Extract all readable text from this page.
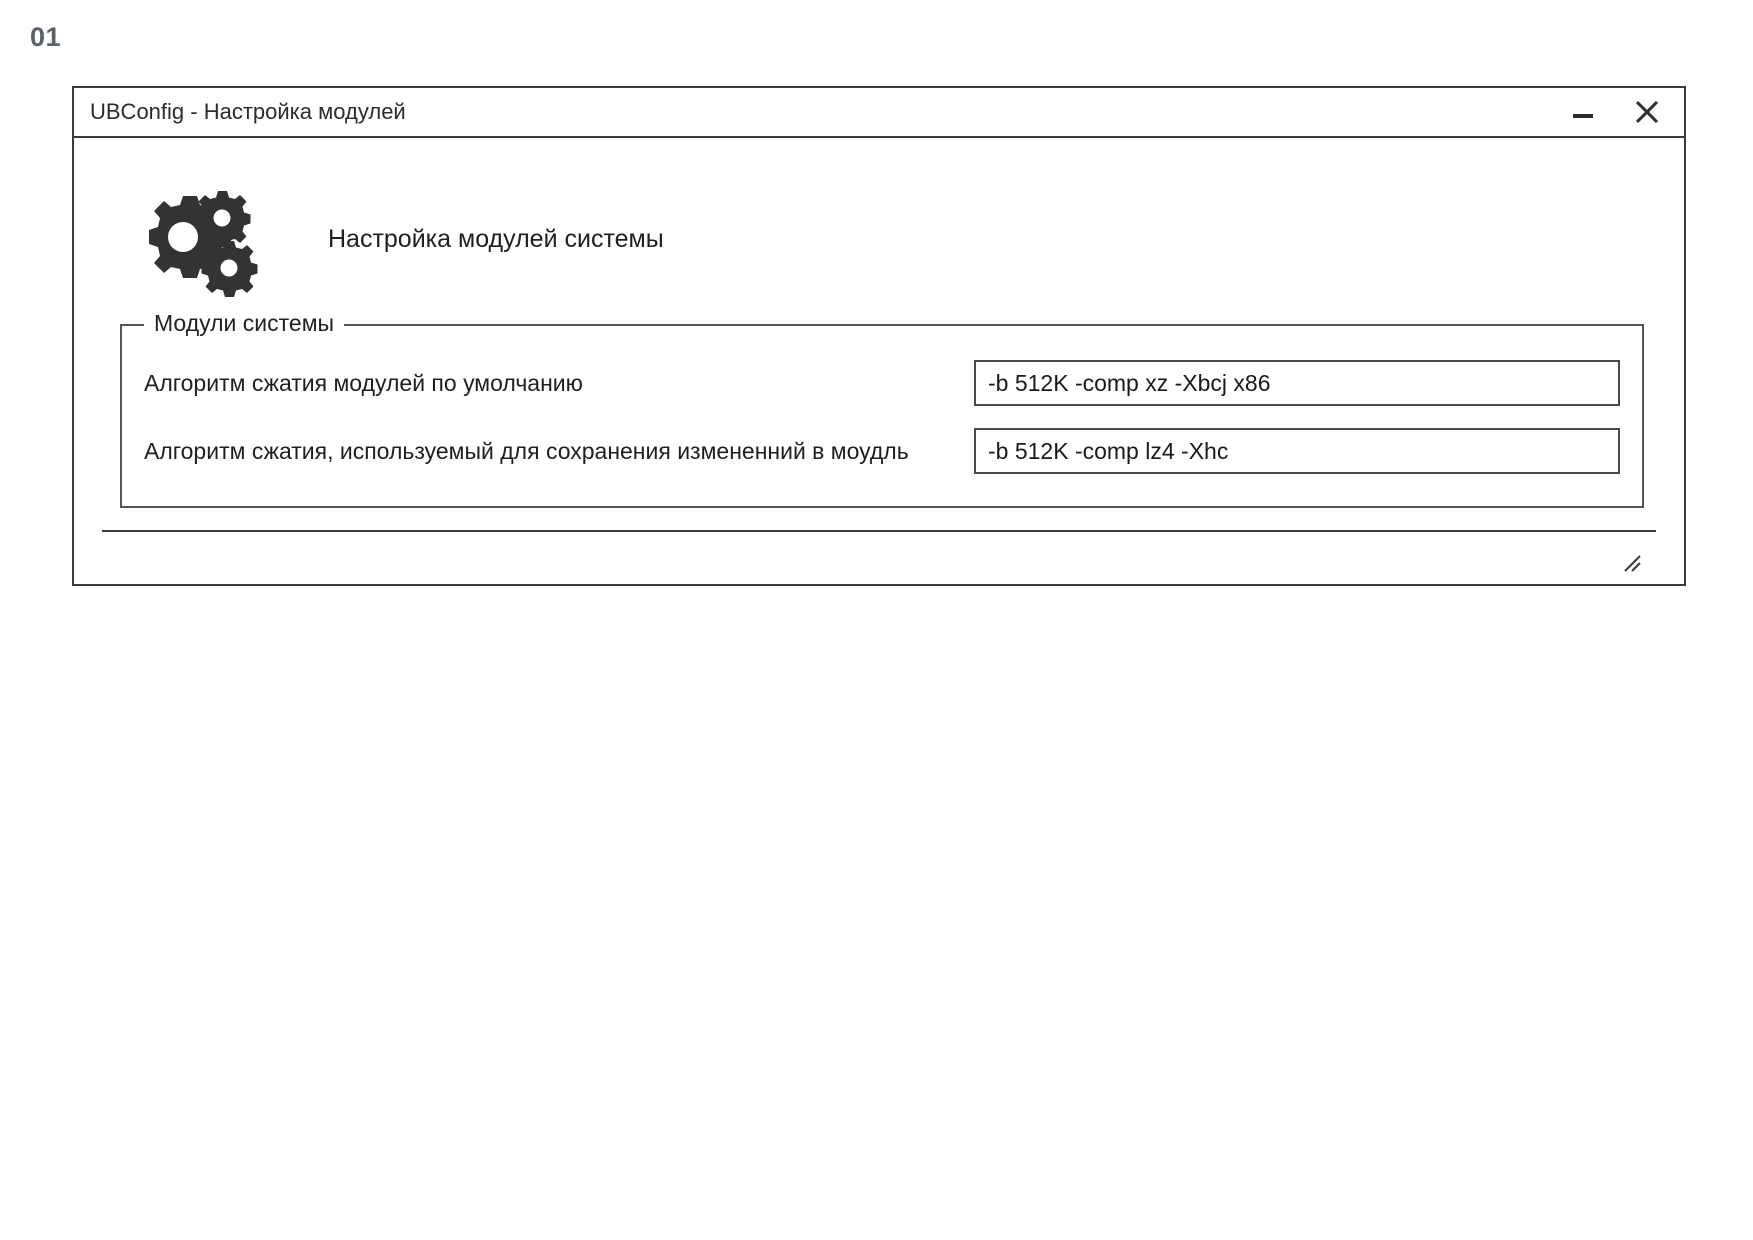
01
UBConfig - Настройка модулей
Настройка модулей системы
Модули системы
Алгоритм сжатия модулей по умолчанию
-b 512K -comp xz -Xbcj x86
Алгоритм сжатия, используемый для сохранения измененний в моудль
-b 512K -comp lz4 -Xhc
